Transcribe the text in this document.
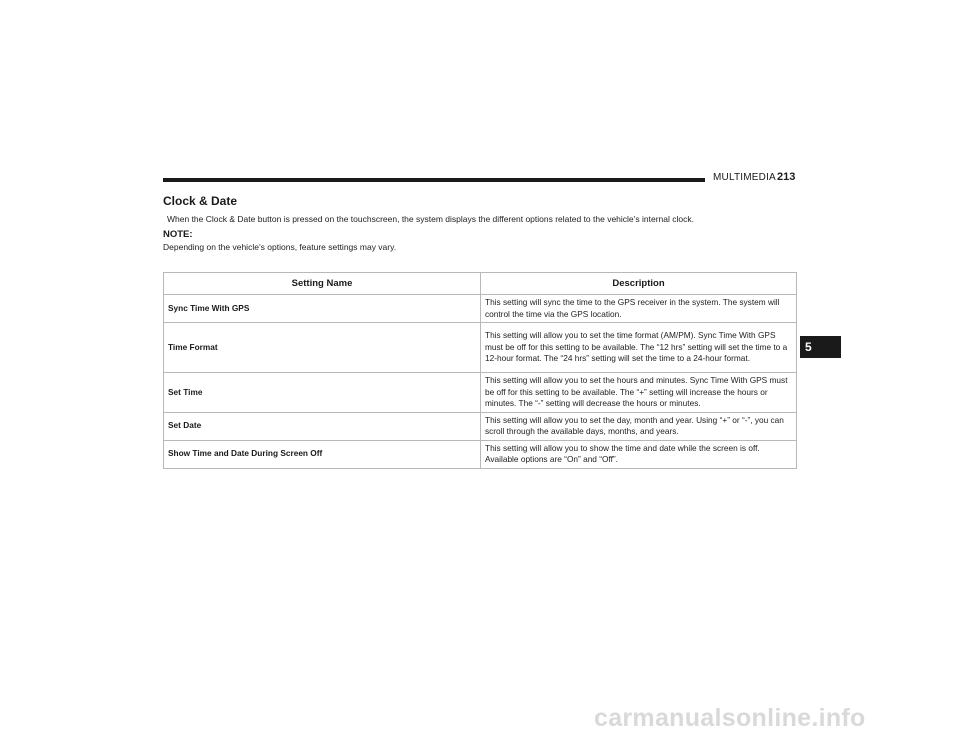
MULTIMEDIA 213
Clock & Date
When the Clock & Date button is pressed on the touchscreen, the system displays the different options related to the vehicle’s internal clock.
NOTE:
Depending on the vehicle’s options, feature settings may vary.
Setting Name	Description
Sync Time With GPS	This setting will sync the time to the GPS receiver in the system. The system will control the time via the GPS location.
Time Format	This setting will allow you to set the time format (AM/PM). Sync Time With GPS must be off for this setting to be available. The “12 hrs” setting will set the time to a 12-hour format. The “24 hrs” setting will set the time to a 24-hour format.
Set Time	This setting will allow you to set the hours and minutes. Sync Time With GPS must be off for this setting to be available. The “+” setting will increase the hours or minutes. The “-” setting will decrease the hours or minutes.
Set Date	This setting will allow you to set the day, month and year. Using “+” or “-”, you can scroll through the available days, months, and years.
Show Time and Date During Screen Off	This setting will allow you to show the time and date while the screen is off. Available options are “On” and “Off”.
5
carmanualsonline.info
